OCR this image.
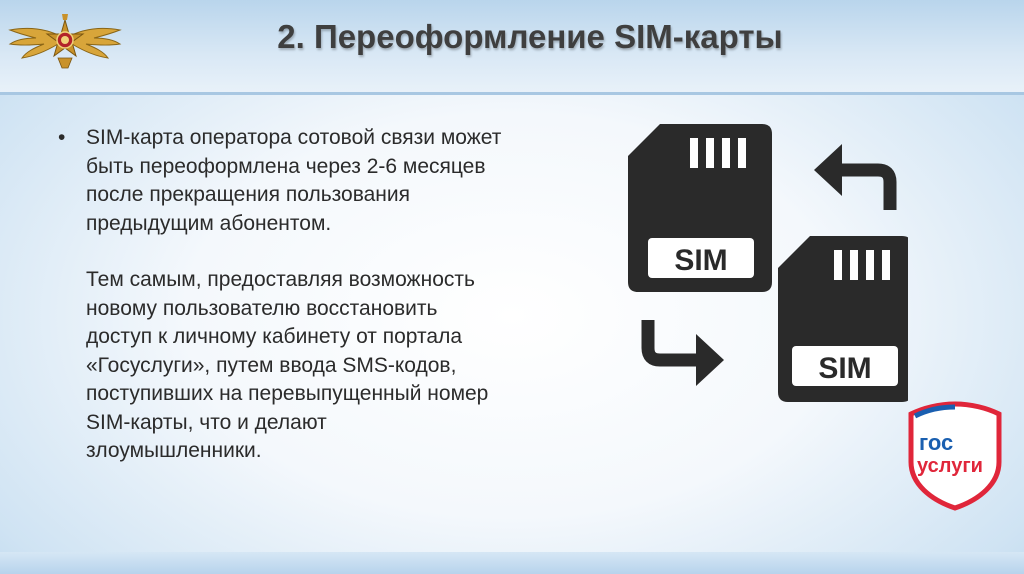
2. Переоформление SIM-карты
• SIM-карта оператора сотовой связи может
быть переоформлена через 2-6 месяцев
после прекращения пользования
предыдущим абонентом.

Тем самым, предоставляя возможность
новому пользователю восстановить
доступ к личному кабинету от портала
«Госуслуги», путем ввода SMS-кодов,
поступивших на перевыпущенный номер
SIM-карты, что и делают
злоумышленники.

SIM
SIM
гос
услуги
